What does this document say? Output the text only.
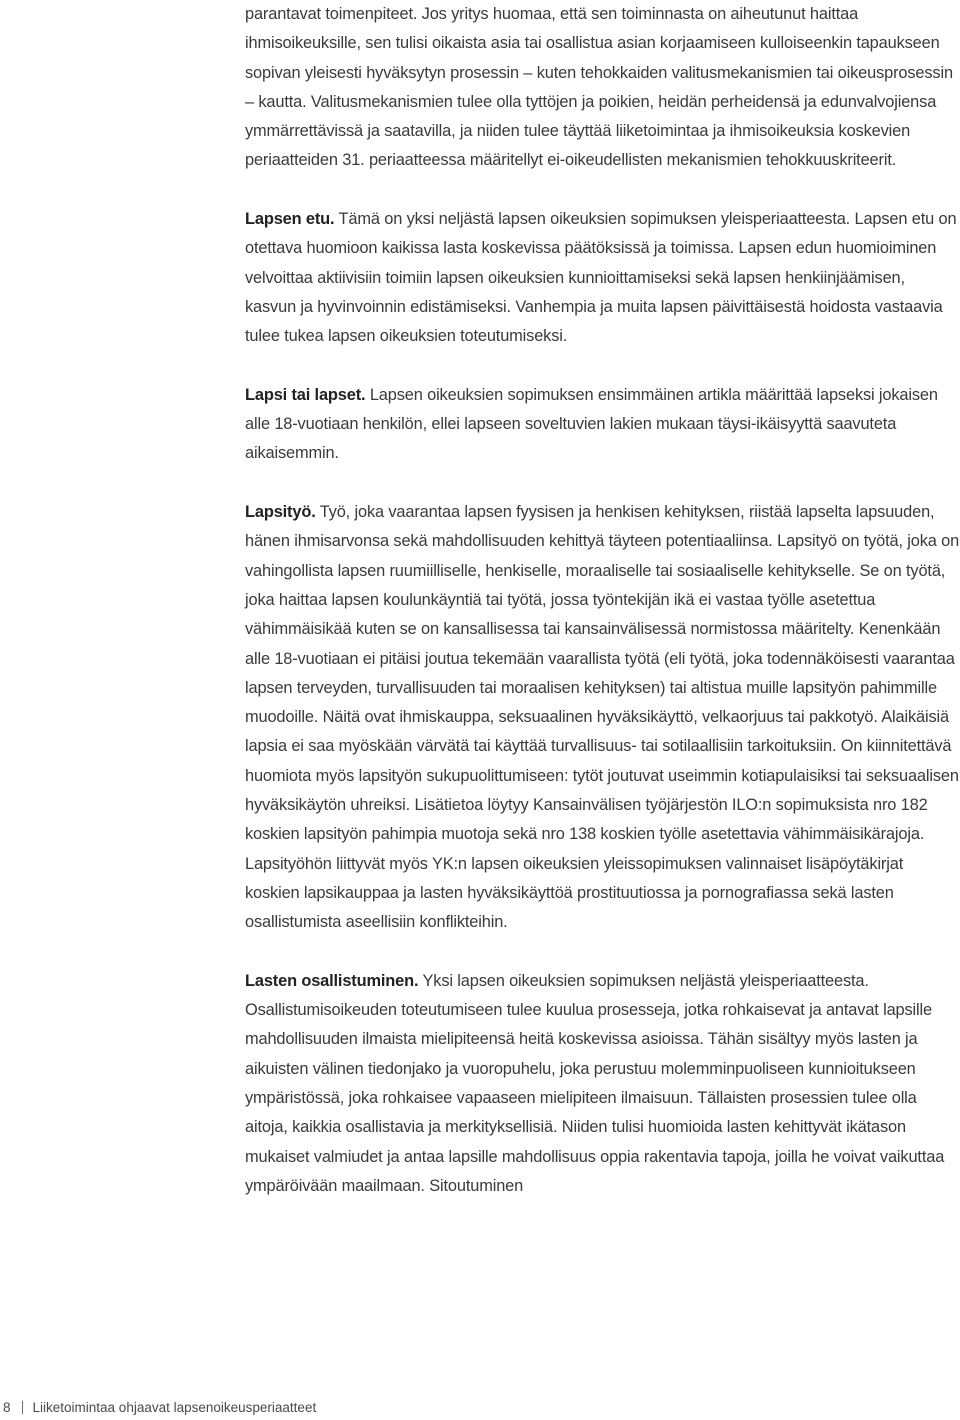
parantavat toimenpiteet. Jos yritys huomaa, että sen toiminnasta on aiheutunut haittaa ihmisoikeuksille, sen tulisi oikaista asia tai osallistua asian korjaamiseen kulloiseenkin tapaukseen sopivan yleisesti hyväksytyn prosessin – kuten tehokkaiden valitusmekanismien tai oikeusprosessin – kautta. Valitusmekanismien tulee olla tyttöjen ja poikien, heidän perheidensä ja edunvalvojiensa ymmärrettävissä ja saatavilla, ja niiden tulee täyttää liiketoimintaa ja ihmisoikeuksia koskevien periaatteiden 31. periaatteessa määritellyt ei-oikeudellisten mekanismien tehokkuuskriteerit.

Lapsen etu. Tämä on yksi neljästä lapsen oikeuksien sopimuksen yleisperiaatteesta. Lapsen etu on otettava huomioon kaikissa lasta koskevissa päätöksissä ja toimissa. Lapsen edun huomioiminen velvoittaa aktiivisiin toimiin lapsen oikeuksien kunnioittamiseksi sekä lapsen henkiinjäämisen, kasvun ja hyvinvoinnin edistämiseksi. Vanhempia ja muita lapsen päivittäisestä hoidosta vastaavia tulee tukea lapsen oikeuksien toteutumiseksi.

Lapsi tai lapset. Lapsen oikeuksien sopimuksen ensimmäinen artikla määrittää lapseksi jokaisen alle 18-vuotiaan henkilön, ellei lapseen soveltuvien lakien mukaan täysi-ikäisyyttä saavuteta aikaisemmin.

Lapsityö. Työ, joka vaarantaa lapsen fyysisen ja henkisen kehityksen, riistää lapselta lapsuuden, hänen ihmisarvonsa sekä mahdollisuuden kehittyä täyteen potentiaaliinsa. Lapsityö on työtä, joka on vahingollista lapsen ruumiilliselle, henkiselle, moraaliselle tai sosiaaliselle kehitykselle. Se on työtä, joka haittaa lapsen koulunkäyntiä tai työtä, jossa työntekijän ikä ei vastaa työlle asetettua vähimmäisikää kuten se on kansallisessa tai kansainvälisessä normistossa määritelty. Kenenkään alle 18-vuotiaan ei pitäisi joutua tekemään vaarallista työtä (eli työtä, joka todennäköisesti vaarantaa lapsen terveyden, turvallisuuden tai moraalisen kehityksen) tai altistua muille lapsityön pahimmille muodoille. Näitä ovat ihmiskauppa, seksuaalinen hyväksikäyttö, velkaorjuus tai pakkotyö. Alaikäisiä lapsia ei saa myöskään värvätä tai käyttää turvallisuus- tai sotilaallisiin tarkoituksiin. On kiinnitettävä huomiota myös lapsityön sukupuolittumiseen: tytöt joutuvat useimmin kotiapulaisiksi tai seksuaalisen hyväksikäytön uhreiksi. Lisätietoa löytyy Kansainvälisen työjärjestön ILO:n sopimuksista nro 182 koskien lapsityön pahimpia muotoja sekä nro 138 koskien työlle asetettavia vähimmäisikärajoja. Lapsityöhön liittyvät myös YK:n lapsen oikeuksien yleissopimuksen valinnaiset lisäpöytäkirjat koskien lapsikauppaa ja lasten hyväksikäyttöä prostituutiossa ja pornografiassa sekä lasten osallistumista aseellisiin konflikteihin.

Lasten osallistuminen. Yksi lapsen oikeuksien sopimuksen neljästä yleisperiaatteesta. Osallistumisoikeuden toteutumiseen tulee kuulua prosesseja, jotka rohkaisevat ja antavat lapsille mahdollisuuden ilmaista mielipiteensä heitä koskevissa asioissa. Tähän sisältyy myös lasten ja aikuisten välinen tiedonjako ja vuoropuhelu, joka perustuu molemminpuoliseen kunnioitukseen ympäristössä, joka rohkaisee vapaaseen mielipiteen ilmaisuun. Tällaisten prosessien tulee olla aitoja, kaikkia osallistavia ja merkityksellisiä. Niiden tulisi huomioida lasten kehittyvät ikätason mukaiset valmiudet ja antaa lapsille mahdollisuus oppia rakentavia tapoja, joilla he voivat vaikuttaa ympäröivään maailmaan. Sitoutuminen

8 Liiketoimintaa ohjaavat lapsenoikeusperiaatteet
